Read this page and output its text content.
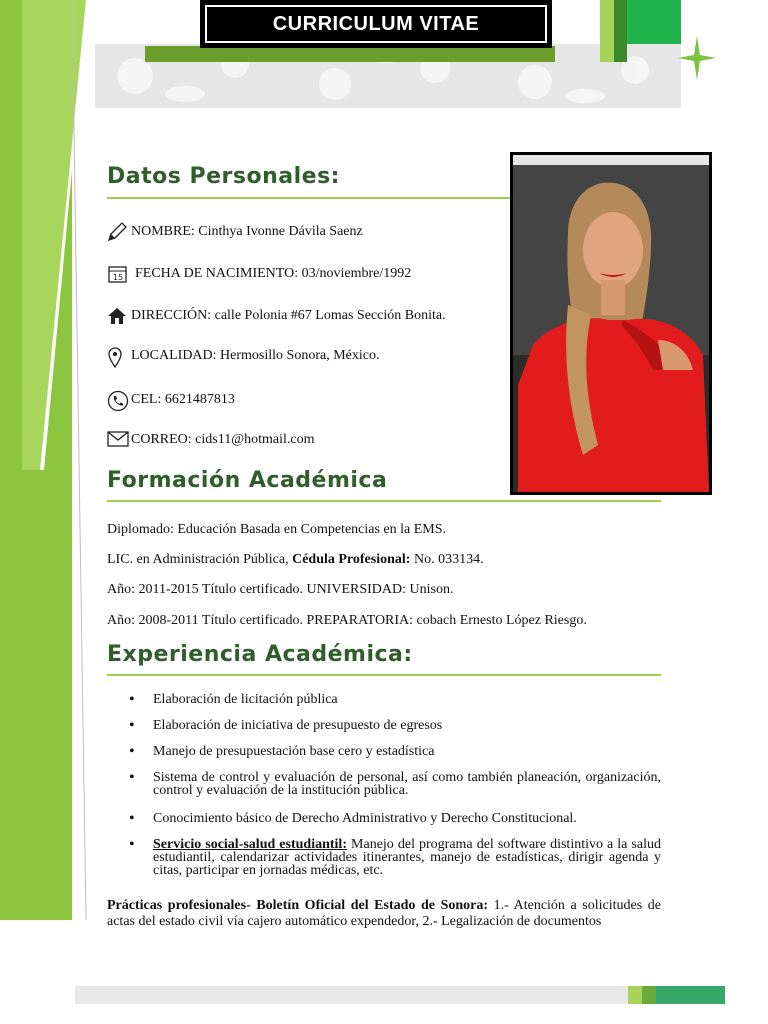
CURRICULUM VITAE
Datos Personales:
NOMBRE: Cinthya Ivonne Dávila Saenz
15 FECHA DE NACIMIENTO: 03/noviembre/1992
DIRECCIÓN: calle Polonia #67 Lomas Sección Bonita.
LOCALIDAD: Hermosillo Sonora, México.
CEL: 6621487813
CORREO: cids11@hotmail.com
Formación Académica
Diplomado: Educación Basada en Competencias en la EMS.
LIC. en Administración Pública, Cédula Profesional: No. 033134.
Año: 2011-2015 Título certificado. UNIVERSIDAD: Unison.
Año: 2008-2011 Título certificado. PREPARATORIA: cobach Ernesto López Riesgo.
Experiencia Académica:
• Elaboración de licitación pública
• Elaboración de iniciativa de presupuesto de egresos
• Manejo de presupuestación base cero y estadística
• Sistema de control y evaluación de personal, así como también planeación, organización, control y evaluación de la institución pública.
• Conocimiento básico de Derecho Administrativo y Derecho Constitucional.
• Servicio social-salud estudiantil: Manejo del programa del software distintivo a la salud estudiantil, calendarizar actividades itinerantes, manejo de estadísticas, dirigir agenda y citas, participar en jornadas médicas, etc.
Prácticas profesionales- Boletín Oficial del Estado de Sonora: 1.- Atención a solicitudes de actas del estado civil vía cajero automático expendedor, 2.- Legalización de documentos
